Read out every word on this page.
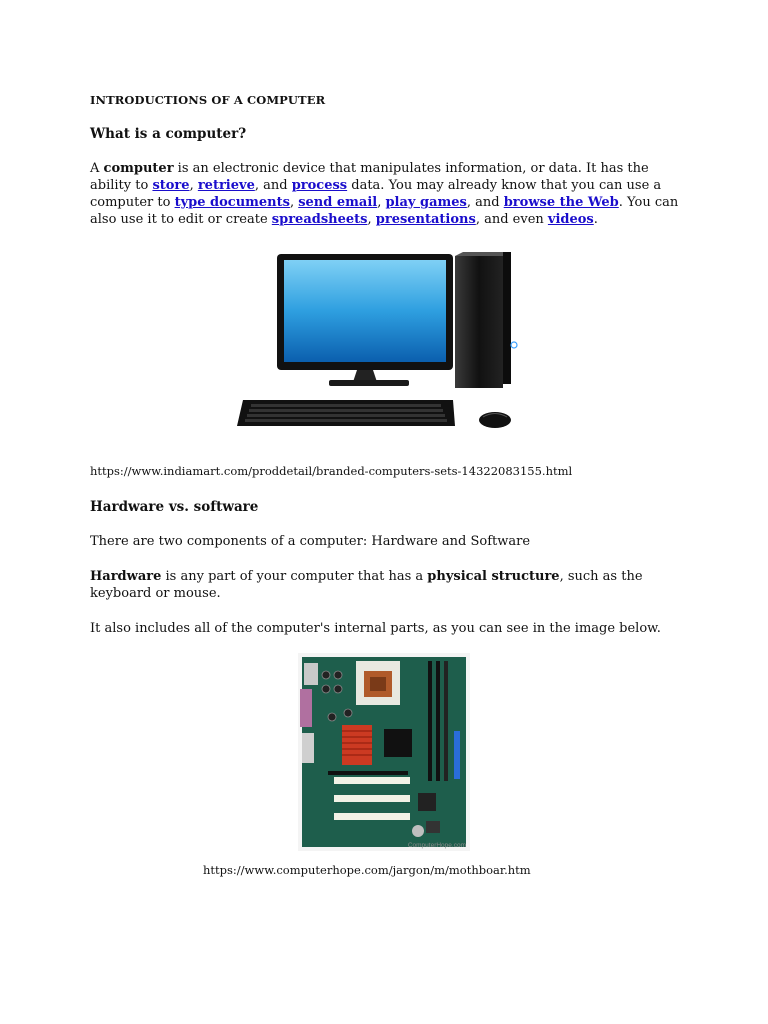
INTRODUCTIONS OF A COMPUTER
What is a computer?
A computer is an electronic device that manipulates information, or data. It has the ability to store, retrieve, and process data. You may already know that you can use a computer to type documents, send email, play games, and browse the Web. You can also use it to edit or create spreadsheets, presentations, and even videos.
https://www.indiamart.com/proddetail/branded-computers-sets-14322083155.html
Hardware vs. software
There are two components of a computer: Hardware and Software
Hardware is any part of your computer that has a physical structure, such as the keyboard or mouse.
It also includes all of the computer's internal parts, as you can see in the image below.
ComputerHope.com
https://www.computerhope.com/jargon/m/mothboar.htm
